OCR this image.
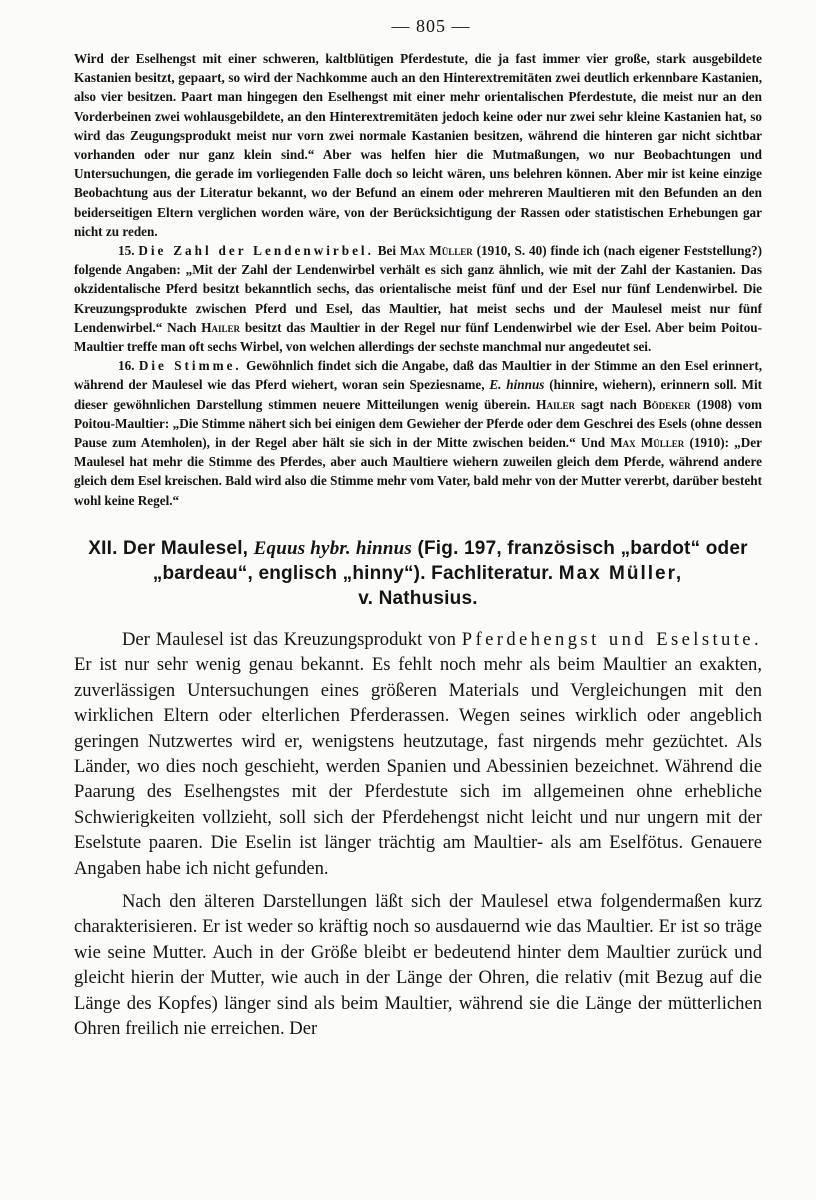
— 805 —

Wird der Eselhengst mit einer schweren, kaltblütigen Pferdestute, die ja fast immer vier große, stark ausgebildete Kastanien besitzt, gepaart, so wird der Nachkomme auch an den Hinterextremitäten zwei deutlich erkennbare Kastanien, also vier besitzen. Paart man hingegen den Eselhengst mit einer mehr orientalischen Pferdestute, die meist nur an den Vorderbeinen zwei wohlausgebildete, an den Hinterextremitäten jedoch keine oder nur zwei sehr kleine Kastanien hat, so wird das Zeugungsprodukt meist nur vorn zwei normale Kastanien besitzen, während die hinteren gar nicht sichtbar vorhanden oder nur ganz klein sind.“ Aber was helfen hier die Mutmaßungen, wo nur Beobachtungen und Untersuchungen, die gerade im vorliegenden Falle doch so leicht wären, uns belehren können. Aber mir ist keine einzige Beobachtung aus der Literatur bekannt, wo der Befund an einem oder mehreren Maultieren mit den Befunden an den beiderseitigen Eltern verglichen worden wäre, von der Berücksichtigung der Rassen oder statistischen Erhebungen gar nicht zu reden.

15. Die Zahl der Lendenwirbel. Bei Max Müller (1910, S. 40) finde ich (nach eigener Feststellung?) folgende Angaben: „Mit der Zahl der Lendenwirbel verhält es sich ganz ähnlich, wie mit der Zahl der Kastanien. Das okzidentalische Pferd besitzt bekanntlich sechs, das orientalische meist fünf und der Esel nur fünf Lendenwirbel. Die Kreuzungsprodukte zwischen Pferd und Esel, das Maultier, hat meist sechs und der Maulesel meist nur fünf Lendenwirbel.“ Nach Hailer besitzt das Maultier in der Regel nur fünf Lendenwirbel wie der Esel. Aber beim Poitou-Maultier treffe man oft sechs Wirbel, von welchen allerdings der sechste manchmal nur angedeutet sei.

16. Die Stimme. Gewöhnlich findet sich die Angabe, daß das Maultier in der Stimme an den Esel erinnert, während der Maulesel wie das Pferd wiehert, woran sein Speziesname, E. hinnus (hinnire, wiehern), erinnern soll. Mit dieser gewöhnlichen Darstellung stimmen neuere Mitteilungen wenig überein. Hailer sagt nach Bödeker (1908) vom Poitou-Maultier: „Die Stimme nähert sich bei einigen dem Gewieher der Pferde oder dem Geschrei des Esels (ohne dessen Pause zum Atemholen), in der Regel aber hält sie sich in der Mitte zwischen beiden.“ Und Max Müller (1910): „Der Maulesel hat mehr die Stimme des Pferdes, aber auch Maultiere wiehern zuweilen gleich dem Pferde, während andere gleich dem Esel kreischen. Bald wird also die Stimme mehr vom Vater, bald mehr von der Mutter vererbt, darüber besteht wohl keine Regel.“

XII. Der Maulesel, Equus hybr. hinnus (Fig. 197, französisch „bardot“ oder „bardeau“, englisch „hinny“). Fachliteratur. Max Müller,
v. Nathusius.

Der Maulesel ist das Kreuzungsprodukt von Pferdehengst und Eselstute. Er ist nur sehr wenig genau bekannt. Es fehlt noch mehr als beim Maultier an exakten, zuverlässigen Untersuchungen eines größeren Materials und Vergleichungen mit den wirklichen Eltern oder elterlichen Pferderassen. Wegen seines wirklich oder angeblich geringen Nutzwertes wird er, wenigstens heutzutage, fast nirgends mehr gezüchtet. Als Länder, wo dies noch geschieht, werden Spanien und Abessinien bezeichnet. Während die Paarung des Eselhengstes mit der Pferdestute sich im allgemeinen ohne erhebliche Schwierigkeiten vollzieht, soll sich der Pferdehengst nicht leicht und nur ungern mit der Eselstute paaren. Die Eselin ist länger trächtig am Maultier- als am Eselfötus. Genauere Angaben habe ich nicht gefunden.

Nach den älteren Darstellungen läßt sich der Maulesel etwa folgendermaßen kurz charakterisieren. Er ist weder so kräftig noch so ausdauernd wie das Maultier. Er ist so träge wie seine Mutter. Auch in der Größe bleibt er bedeutend hinter dem Maultier zurück und gleicht hierin der Mutter, wie auch in der Länge der Ohren, die relativ (mit Bezug auf die Länge des Kopfes) länger sind als beim Maultier, während sie die Länge der mütterlichen Ohren freilich nie erreichen. Der
